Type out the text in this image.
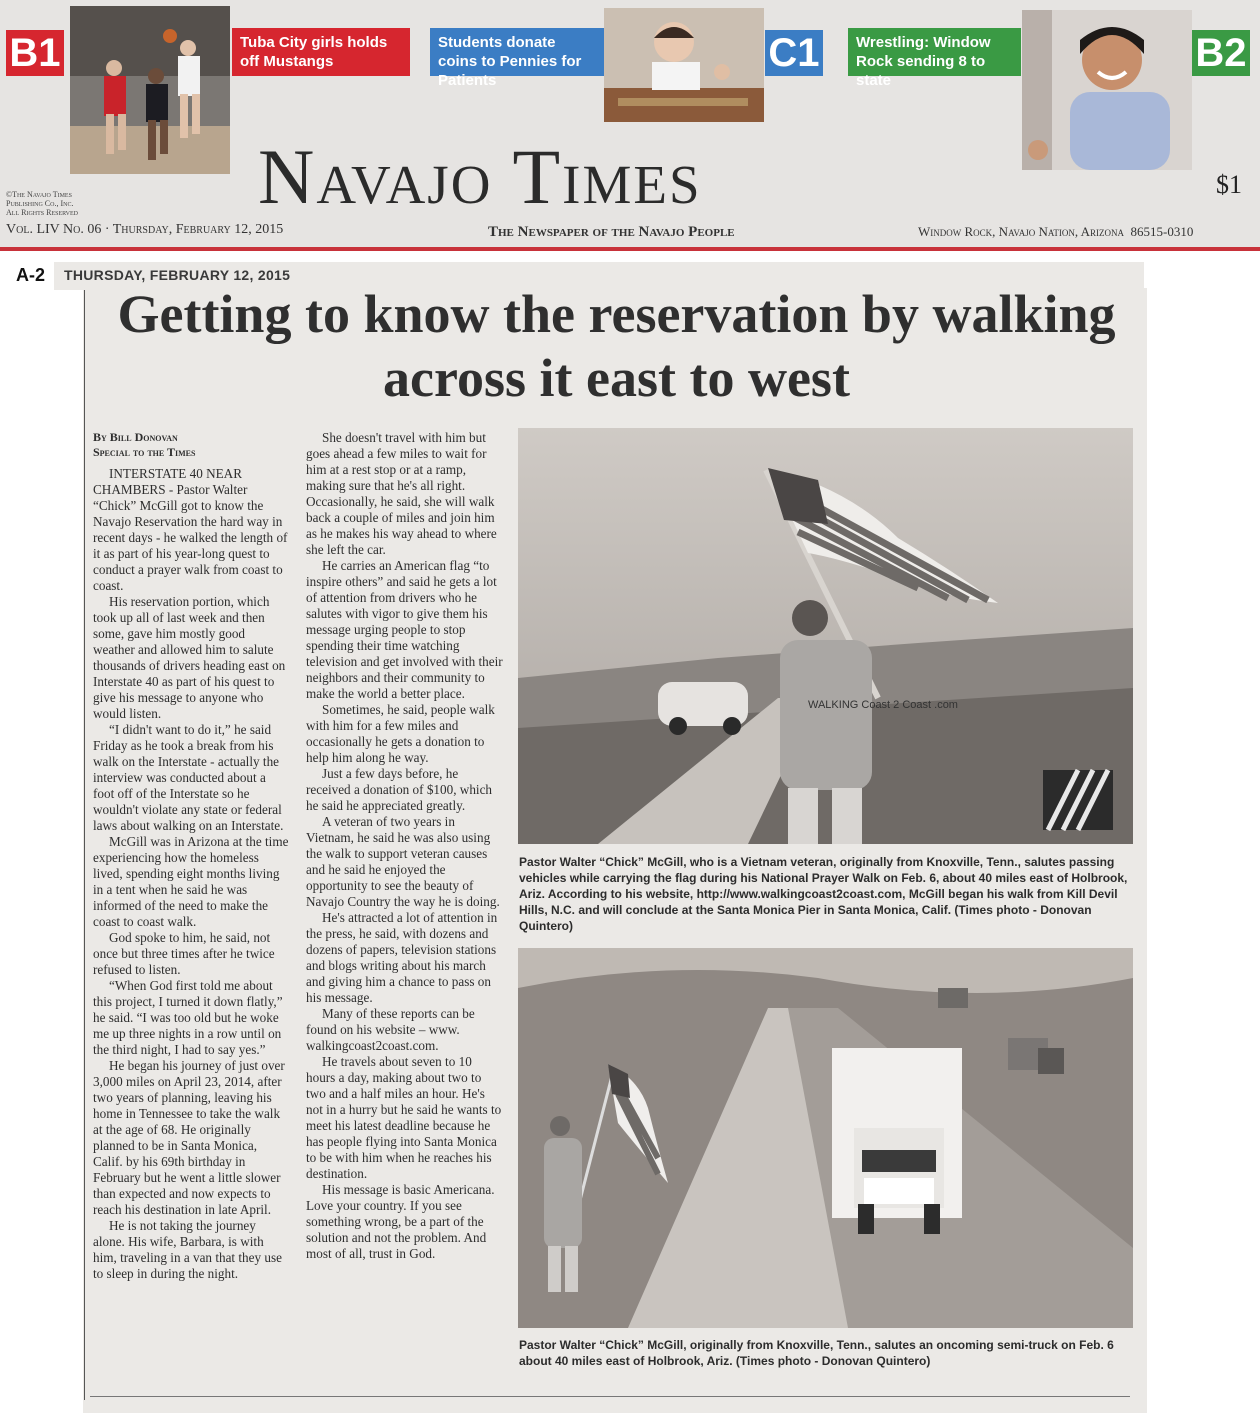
B1	Tuba City girls holds off Mustangs
Students donate coins to Pennies for Patients
C1	Wrestling: Window Rock sending 8 to state
B2
©The Navajo Times
Publishing Co., Inc.
All Rights Reserved Navajo Times	$1
Vol. LIV No. 06 · Thursday, February 12, 2015	The Newspaper of the Navajo People	Window Rock, Navajo Nation, Arizona  86515-0310
A-2 THURSDAY, FEBRUARY 12, 2015
Getting to know the reservation by walking across it east to west

By Bill Donovan

Special to the Times

INTERSTATE 40 NEAR CHAMBERS - Pastor Walter “Chick” McGill got to know the Navajo Reservation the hard way in recent days - he walked the length of it as part of his year-long quest to conduct a prayer walk from coast to coast.

His reservation portion, which took up all of last week and then some, gave him mostly good weather and allowed him to salute thousands of drivers heading east on Interstate 40 as part of his quest to give his message to anyone who would listen.

“I didn't want to do it,” he said Friday as he took a break from his walk on the Interstate - actually the interview was conducted about a foot off of the Interstate so he wouldn't violate any state or federal laws about walking on an Interstate.

McGill was in Arizona at the time experiencing how the homeless lived, spending eight months living in a tent when he said he was informed of the need to make the coast to coast walk.

God spoke to him, he said, not once but three times after he twice refused to listen.

“When God first told me about this project, I turned it down flatly,” he said. “I was too old but he woke me up three nights in a row until on the third night, I had to say yes.”

He began his journey of just over 3,000 miles on April 23, 2014, after two years of planning, leaving his home in Tennessee to take the walk at the age of 68. He originally planned to be in Santa Monica, Calif. by his 69th birthday in February but he went a little slower than expected and now expects to reach his destination in late April.

He is not taking the journey alone. His wife, Barbara, is with him, traveling in a van that they use to sleep in during the night.

She doesn't travel with him but goes ahead a few miles to wait for him at a rest stop or at a ramp, making sure that he's all right. Occasionally, he said, she will walk back a couple of miles and join him as he makes his way ahead to where she left the car.

He carries an American flag “to inspire others” and said he gets a lot of attention from drivers who he salutes with vigor to give them his message urging people to stop spending their time watching television and get involved with their neighbors and their community to make the world a better place.

Sometimes, he said, people walk with him for a few miles and occasionally he gets a donation to help him along he way.

Just a few days before, he received a donation of $100, which he said he appreciated greatly.

A veteran of two years in Vietnam, he said he was also using the walk to support veteran causes and he said he enjoyed the opportunity to see the beauty of Navajo Country the way he is doing.

He's attracted a lot of attention in the press, he said, with dozens and dozens of papers, television stations and blogs writing about his march and giving him a chance to pass on his message.

Many of these reports can be found on his website – www. walkingcoast2coast.com.

He travels about seven to 10 hours a day, making about two to two and a half miles an hour. He's not in a hurry but he said he wants to meet his latest deadline because he has people flying into Santa Monica to be with him when he reaches his destination.

His message is basic Americana. Love your country. If you see something wrong, be a part of the solution and not the problem. And most of all, trust in God.

WALKING Coast 2 Coast .com
Pastor Walter “Chick” McGill, who is a Vietnam veteran, originally from Knoxville, Tenn., salutes passing vehicles while carrying the flag during his National Prayer Walk on Feb. 6, about 40 miles east of Holbrook, Ariz. According to his website, http://www.walkingcoast2coast.com, McGill began his walk from Kill Devil Hills, N.C. and will conclude at the Santa Monica Pier in Santa Monica, Calif. (Times photo - Donovan Quintero)
Pastor Walter “Chick” McGill, originally from Knoxville, Tenn., salutes an oncoming semi-truck on Feb. 6 about 40 miles east of Holbrook, Ariz. (Times photo - Donovan Quintero)
